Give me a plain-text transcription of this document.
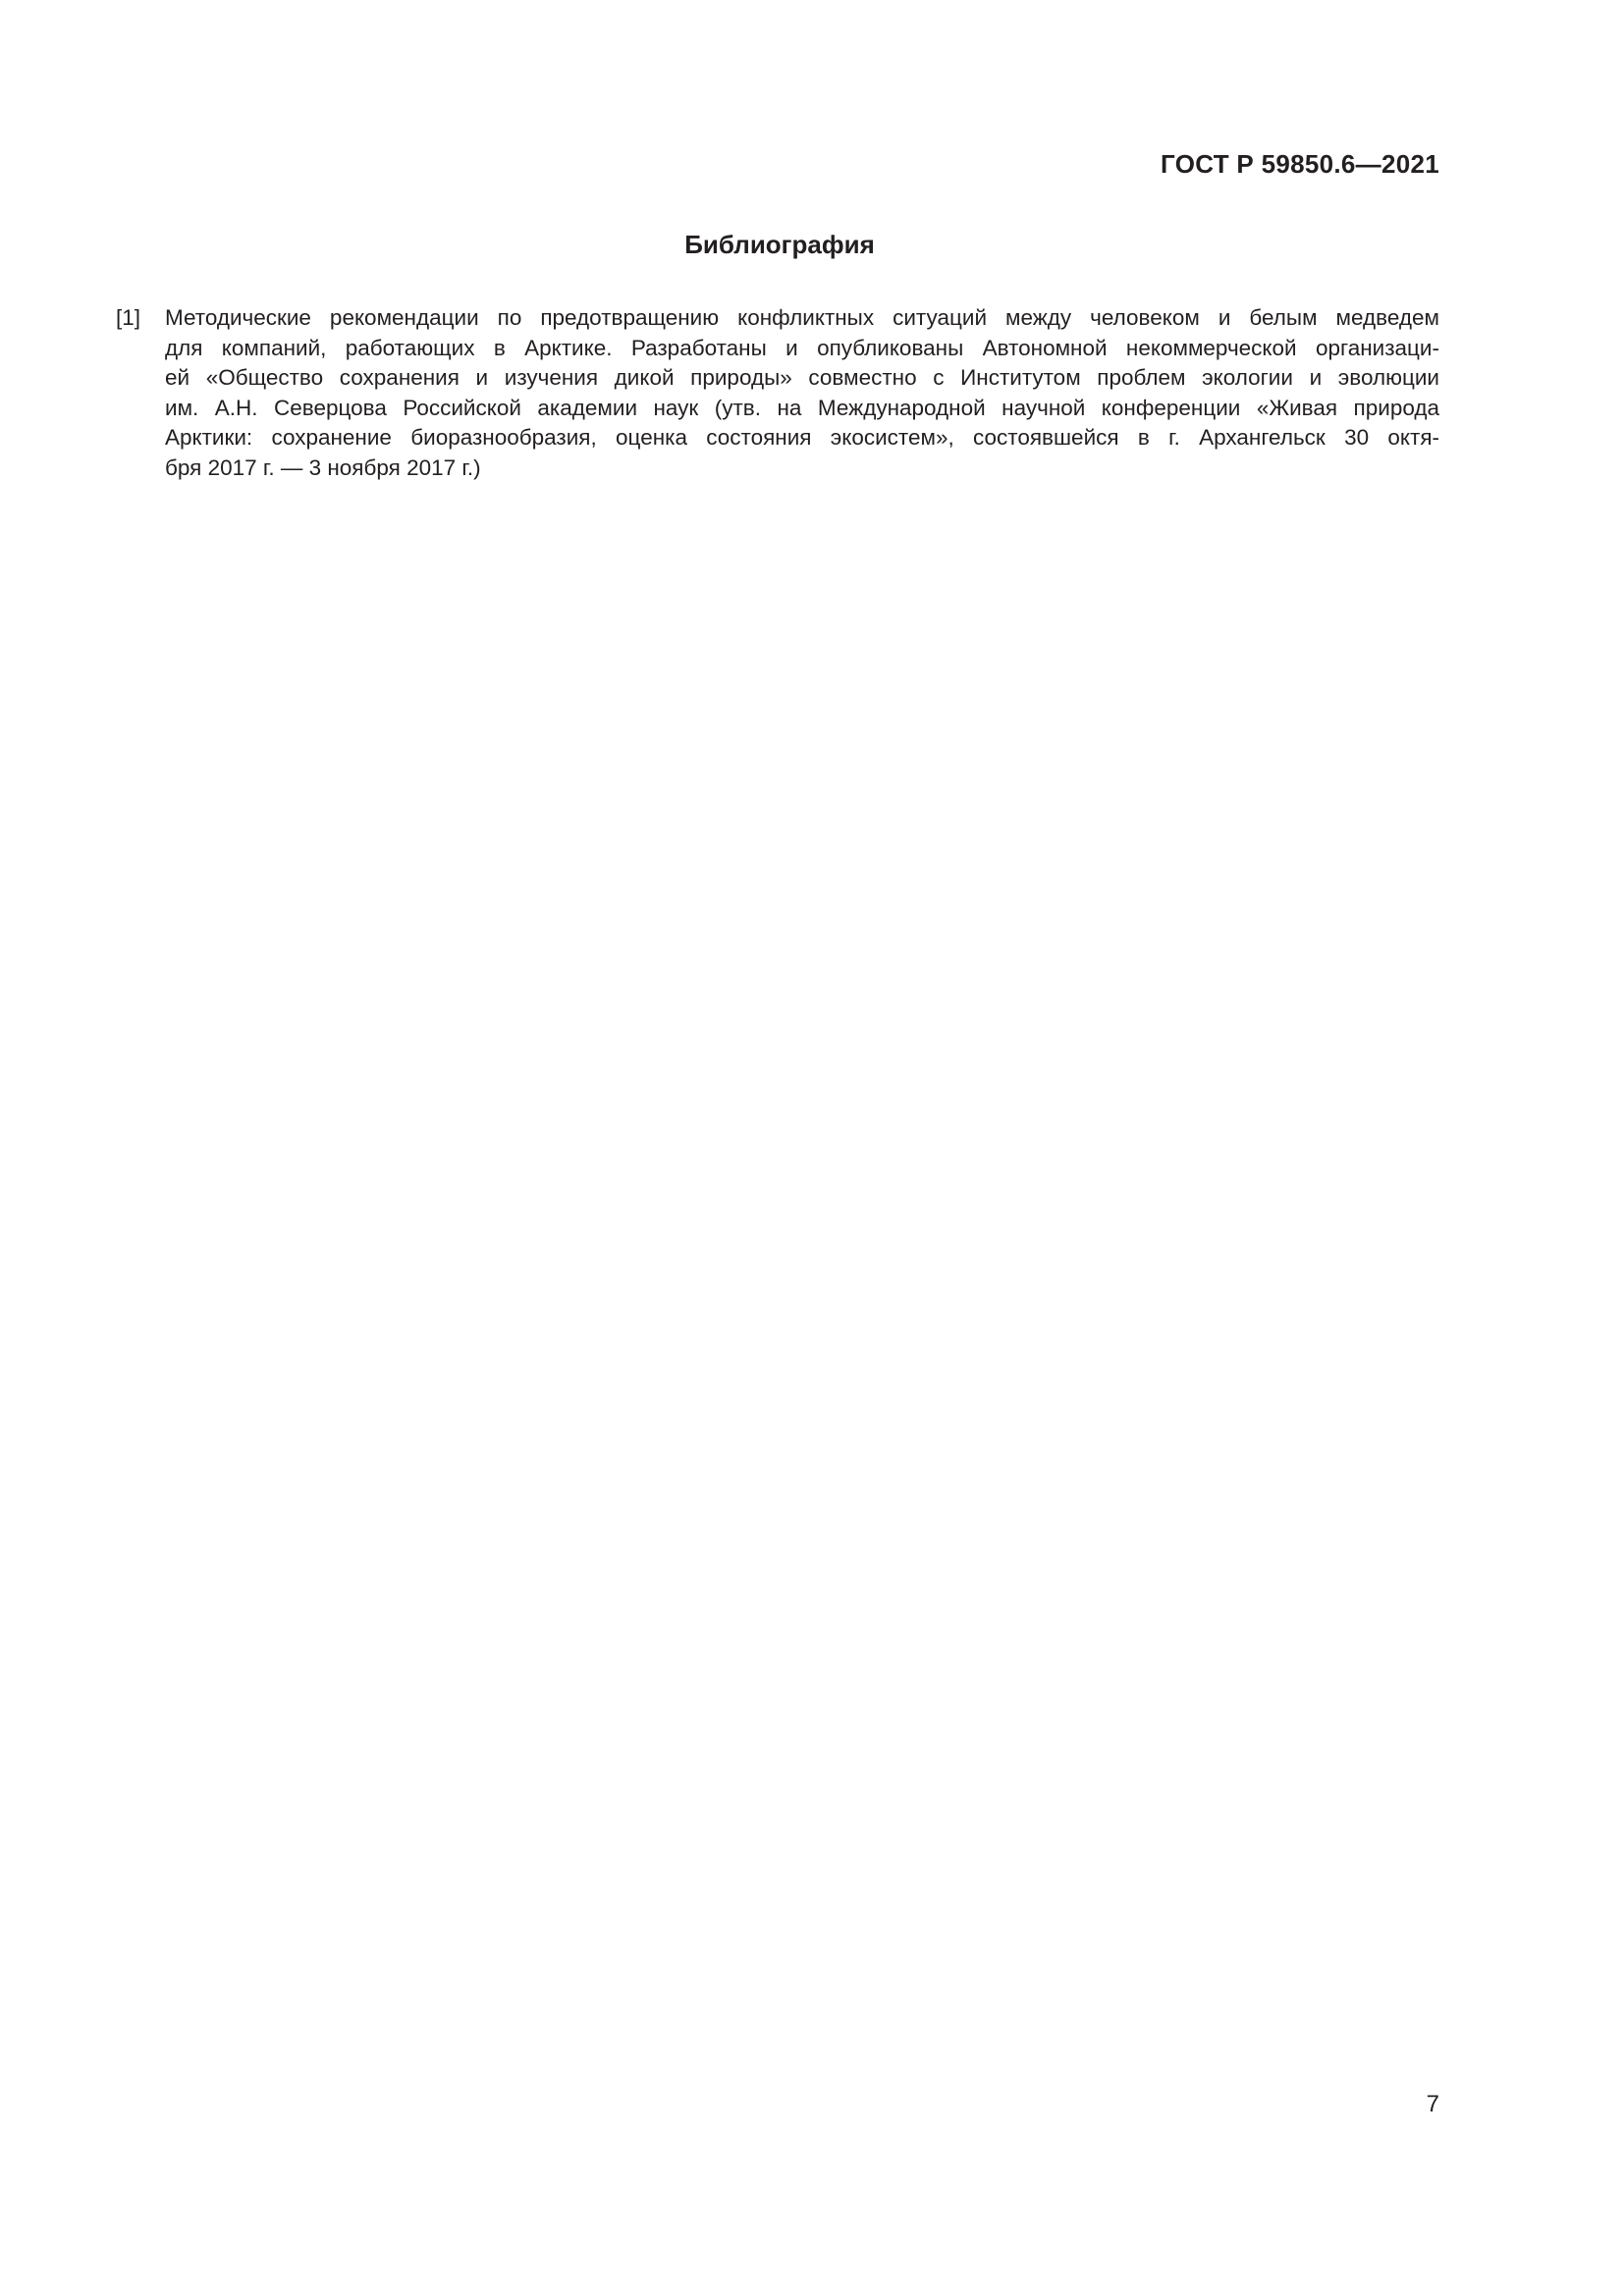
ГОСТ Р 59850.6—2021
Библиография
[1]	Методические рекомендации по предотвращению конфликтных ситуаций между человеком и белым медведем
для компаний, работающих в Арктике. Разработаны и опубликованы Автономной некоммерческой организаци-
ей «Общество сохранения и изучения дикой природы» совместно с Институтом проблем экологии и эволюции
им. А.Н. Северцова Российской академии наук (утв. на Международной научной конференции «Живая природа
Арктики: сохранение биоразнообразия, оценка состояния экосистем», состоявшейся в г. Архангельск 30 октя-
бря 2017 г. — 3 ноября 2017 г.)
7
